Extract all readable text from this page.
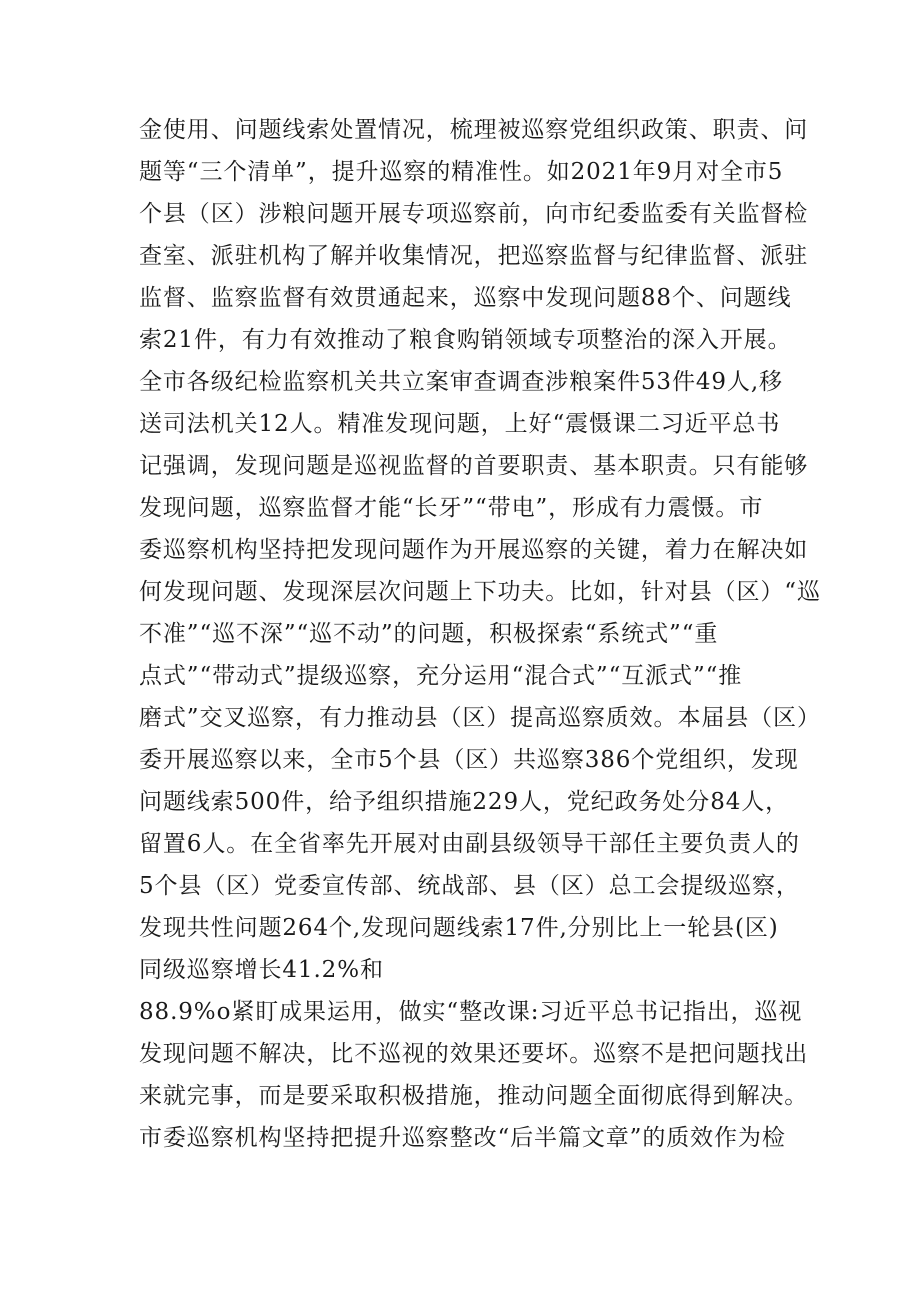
金使用、问题线索处置情况，梳理被巡察党组织政策、职责、问
题等“三个清单”，提升巡察的精准性。如2021年9月对全市5
个县（区）涉粮问题开展专项巡察前，向市纪委监委有关监督检
查室、派驻机构了解并收集情况，把巡察监督与纪律监督、派驻
监督、监察监督有效贯通起来，巡察中发现问题88个、问题线
索21件，有力有效推动了粮食购销领域专项整治的深入开展。
全市各级纪检监察机关共立案审查调查涉粮案件53件49人,移
送司法机关12人。精准发现问题，上好“震慑课二习近平总书
记强调，发现问题是巡视监督的首要职责、基本职责。只有能够
发现问题，巡察监督才能“长牙”“带电”，形成有力震慑。市
委巡察机构坚持把发现问题作为开展巡察的关键，着力在解决如
何发现问题、发现深层次问题上下功夫。比如，针对县（区）“巡
不准”“巡不深”“巡不动”的问题，积极探索“系统式”“重
点式”“带动式”提级巡察，充分运用“混合式”“互派式”“推
磨式”交叉巡察，有力推动县（区）提高巡察质效。本届县（区）
委开展巡察以来，全市5个县（区）共巡察386个党组织，发现
问题线索500件，给予组织措施229人，党纪政务处分84人，
留置6人。在全省率先开展对由副县级领导干部任主要负责人的
5个县（区）党委宣传部、统战部、县（区）总工会提级巡察，
发现共性问题264个,发现问题线索17件,分别比上一轮县(区)
同级巡察增长41.2%和
88.9%o紧盯成果运用，做实“整改课:习近平总书记指出，巡视
发现问题不解决，比不巡视的效果还要坏。巡察不是把问题找出
来就完事，而是要采取积极措施，推动问题全面彻底得到解决。
市委巡察机构坚持把提升巡察整改“后半篇文章”的质效作为检
